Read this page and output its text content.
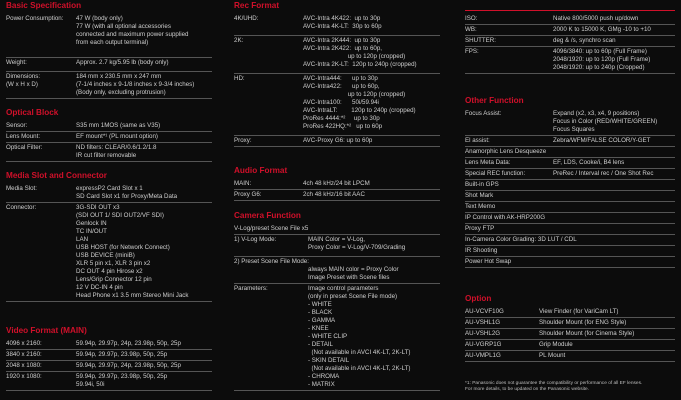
Basic Specification
Power Consumption:	47 W (body only)
77 W (with all optional accessories
connected and maximum power supplied
from each output terminal)
Weight:	Approx. 2.7 kg/5.95 lb (body only)
Dimensions:
(W x H x D)
184 mm x 230.5 mm x 247 mm
(7-1/4 inches x 9-1/8 inches x 9-3/4 inches)
(Body only, excluding protrusion)
Optical Block
Sensor:	S35 mm 1MOS (same as V35)
Lens Mount:	EF mount*¹ (PL mount option)
Optical Filter:	ND filters: CLEAR/0.6/1.2/1.8
IR cut filter removable
Media Slot and Connector
Media Slot:	expressP2 Card Slot x 1
SD Card Slot x1 for Proxy/Meta Data
Connector:	3G-SDI OUT x3
(SDI OUT 1/ SDI OUT2/VF SDI)
Genlock IN
TC IN/OUT
LAN
USB HOST (for Network Connect)
USB DEVICE (miniB)
XLR 5 pin x1, XLR 3 pin x2
DC OUT 4 pin Hirose x2
Lens/Grip Connector 12 pin
12 V DC-IN 4 pin
Head Phone x1 3.5 mm Stereo Mini Jack
Video Format (MAIN)
4096 x 2160:	59.94p, 29.97p, 24p, 23.98p, 50p, 25p
3840 x 2160:	59.94p, 29.97p, 23.98p, 50p, 25p
2048 x 1080:	59.94p, 29.97p, 24p, 23.98p, 50p, 25p
1920 x 1080:	59.94p, 29.97p, 23.98p, 50p, 25p
59.94i, 50i
Rec Format
4K/UHD:	AVC-Intra 4K422:  up to 30p
AVC-Intra 4K-LT:  30p to 60p
2K:	AVC-Intra 2K444:  up to 30p
AVC-Intra 2K422:  up to 60p,
up to 120p (cropped)
AVC-Intra 2K-LT:  120p to 240p (cropped)
HD:	AVC-Intra444:      up to 30p
AVC-Intra422:      up to 60p,
up to 120p (cropped)
AVC-Intra100:      50i/59.94i
AVC-IntraLT:        120p to 240p (cropped)
ProRes 4444:*²     up to 30p
ProRes 422HQ:*²   up to 60p
Proxy:	AVC-Proxy G6: up to 60p
Audio Format
MAIN:	4ch 48 kHz/24 bit LPCM
Proxy G6:	2ch 48 kHz/16 bit AAC
Camera Function
V-Log/preset Scene File x5
1) V-Log Mode:	MAIN Color = V-Log,
Proxy Color = V-Log/V-709/Grading
2) Preset Scene File Mode:
always MAIN color = Proxy Color
Image Preset with Scene files
Parameters:	Image control parameters
(only in preset Scene File mode)
- WHITE
- BLACK
- GAMMA
- KNEE
- WHITE CLIP
- DETAIL
(Not available in AVCI 4K-LT, 2K-LT)
- SKIN DETAIL
(Not available in AVCI 4K-LT, 2K-LT)
- CHROMA
- MATRIX
ISO:	Native 800/5000 push up/down
WB:	2000 K to 15000 K, GMg -10 to +10
SHUTTER:	deg & /s, synchro scan
FPS:	4096/3840: up to 60p (Full Frame)
2048/1920: up to 120p (Full Frame)
2048/1920: up to 240p (Cropped)
Other Function
Focus Assist:	Expand (x2, x3, x4, 9 positions)
Focus in Color (RED/WHITE/GREEN)
Focus Squares
El assist:	Zebra/WFM/FALSE COLOR/Y-GET
Anamorphic Lens Desqueeze
Lens Meta Data:	EF, LDS, Cooke/i, B4 lens
Special REC function:	PreRec / Interval rec / One Shot Rec
Built-in GPS
Shot Mark
Text Memo
IP Control with AK-HRP200G
Proxy FTP
In-Camera Color Grading: 3D LUT / CDL
IR Shooting
Power Hot Swap
Option
AU-VCVF10G	View Finder (for VariCam LT)
AU-VSHL1G	Shoulder Mount (for ENG Style)
AU-VSHL2G	Shoulder Mount (for Cinema Style)
AU-VGRP1G	Grip Module
AU-VMPL1G	PL Mount
*1: Panasonic does not guarantee the compatibility or performance of all EF lenses.
For more details, to be updated on the Panasonic website.
